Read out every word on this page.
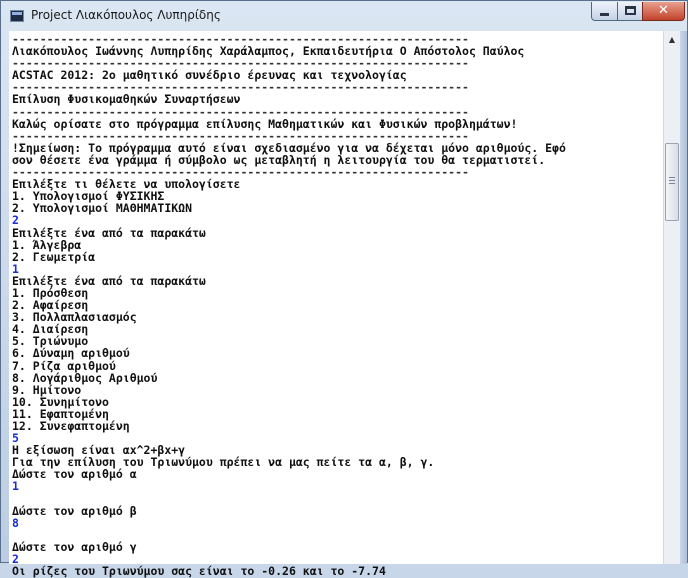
Project Λιακόπουλος Λυπηρίδης	✕
------------------------------------------------------------------
Λιακόπουλος Ιωάννης Λυπηρίδης Χαράλαμπος, Εκπαιδευτήρια Ο Απόστολος Παύλος
------------------------------------------------------------------
ACSTAC 2012: 2ο μαθητικό συνέδριο έρευνας και τεχνολογίας
------------------------------------------------------------------
Επίλυση Φυσικομαθηκών Συναρτήσεων
------------------------------------------------------------------
Καλώς ορίσατε στο πρόγραμμα επίλυσης Μαθηματικών και Φυσικών προβλημάτων!
------------------------------------------------------------------
!Σημείωση: Το πρόγραμμα αυτό είναι σχεδιασμένο για να δέχεται μόνο αριθμούς. Εφό
σον θέσετε ένα γράμμα ή σύμβολο ως μεταβλητή η λειτουργία του θα τερματιστεί.
------------------------------------------------------------------
Επιλέξτε τι θέλετε να υπολογίσετε
1. Υπολογισμοί ΦΥΣΙΚΗΣ
2. Υπολογισμοί ΜΑΘΗΜΑΤΙΚΩΝ
2
Επιλέξτε ένα από τα παρακάτω
1. Άλγεβρα
2. Γεωμετρία
1
Επιλέξτε ένα από τα παρακάτω
1. Πρόσθεση
2. Αφαίρεση
3. Πολλαπλασιασμός
4. Διαίρεση
5. Τριώνυμο
6. Δύναμη αριθμού
7. Ρίζα αριθμού
8. Λογάριθμος Αριθμού
9. Ημίτονο
10. Συνημίτονο
11. Εφαπτομένη
12. Συνεφαπτομένη
5
Η εξίσωση είναι αx^2+βx+γ
Για την επίλυση του Τριωνύμου πρέπει να μας πείτε τα α, β, γ.
Δώστε τον αριθμό α
1
Δώστε τον αριθμό β
8
Δώστε τον αριθμό γ
2
Οι ρίζες του Τριωνύμου σας είναι το -0.26 και το -7.74
▲
